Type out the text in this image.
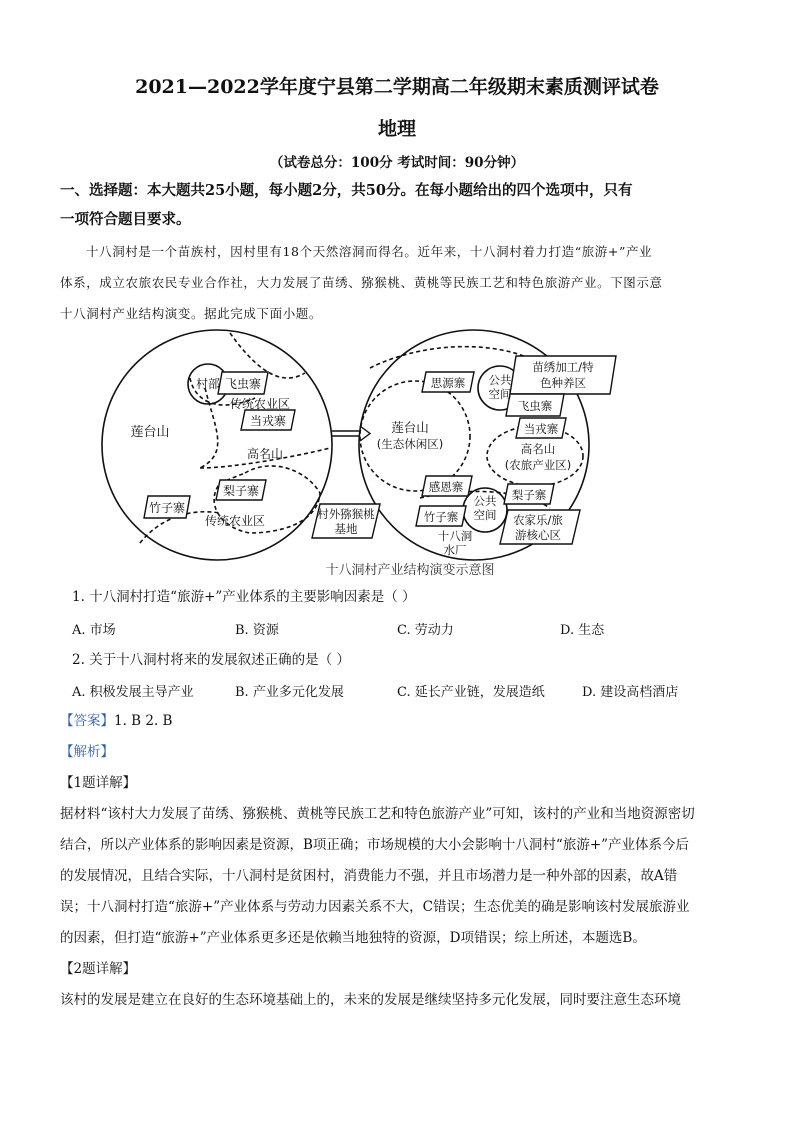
2021—2022学年度宁县第二学期高二年级期末素质测评试卷
地理
（试卷总分：100分 考试时间：90分钟）
一、选择题：本大题共25小题，每小题2分，共50分。在每小题给出的四个选项中，只有
一项符合题目要求。
十八洞村是一个苗族村，因村里有18个天然溶洞而得名。近年来，十八洞村着力打造“旅游+”产业
体系，成立农旅农民专业合作社，大力发展了苗绣、猕猴桃、黄桃等民族工艺和特色旅游产业。下图示意
十八洞村产业结构演变。据此完成下面小题。
村部 飞虫寨
传统农业区
当戎寨
莲台山
高名山
梨子寨
竹子寨
传统农业区
苗绣加工/特
色种养区
思源寨 公共
空间
飞虫寨
当戎寨
莲台山
(生态休闲区)	高名山
(农旅产业区)
感恩寨
公共
空间
梨子寨
竹子寨
十八洞
水厂
村外猕猴桃
基地
农家乐/旅
游核心区
十八洞村产业结构演变示意图
1. 十八洞村打造“旅游+”产业体系的主要影响因素是（ ）
A. 市场	B. 资源	C. 劳动力	D. 生态
2. 关于十八洞村将来的发展叙述正确的是（ ）
A. 积极发展主导产业	B. 产业多元化发展	C. 延长产业链，发展造纸	D. 建设高档酒店
【答案】1. B 2. B
【解析】
【1题详解】
据材料“该村大力发展了苗绣、猕猴桃、黄桃等民族工艺和特色旅游产业”可知，该村的产业和当地资源密切
结合，所以产业体系的影响因素是资源，B项正确；市场规模的大小会影响十八洞村“旅游+”产业体系今后
的发展情况，且结合实际，十八洞村是贫困村，消费能力不强，并且市场潜力是一种外部的因素，故A错
误；十八洞村打造“旅游+”产业体系与劳动力因素关系不大，C错误；生态优美的确是影响该村发展旅游业
的因素，但打造“旅游+”产业体系更多还是依赖当地独特的资源，D项错误；综上所述，本题选B。
【2题详解】
该村的发展是建立在良好的生态环境基础上的，未来的发展是继续坚持多元化发展，同时要注意生态环境
